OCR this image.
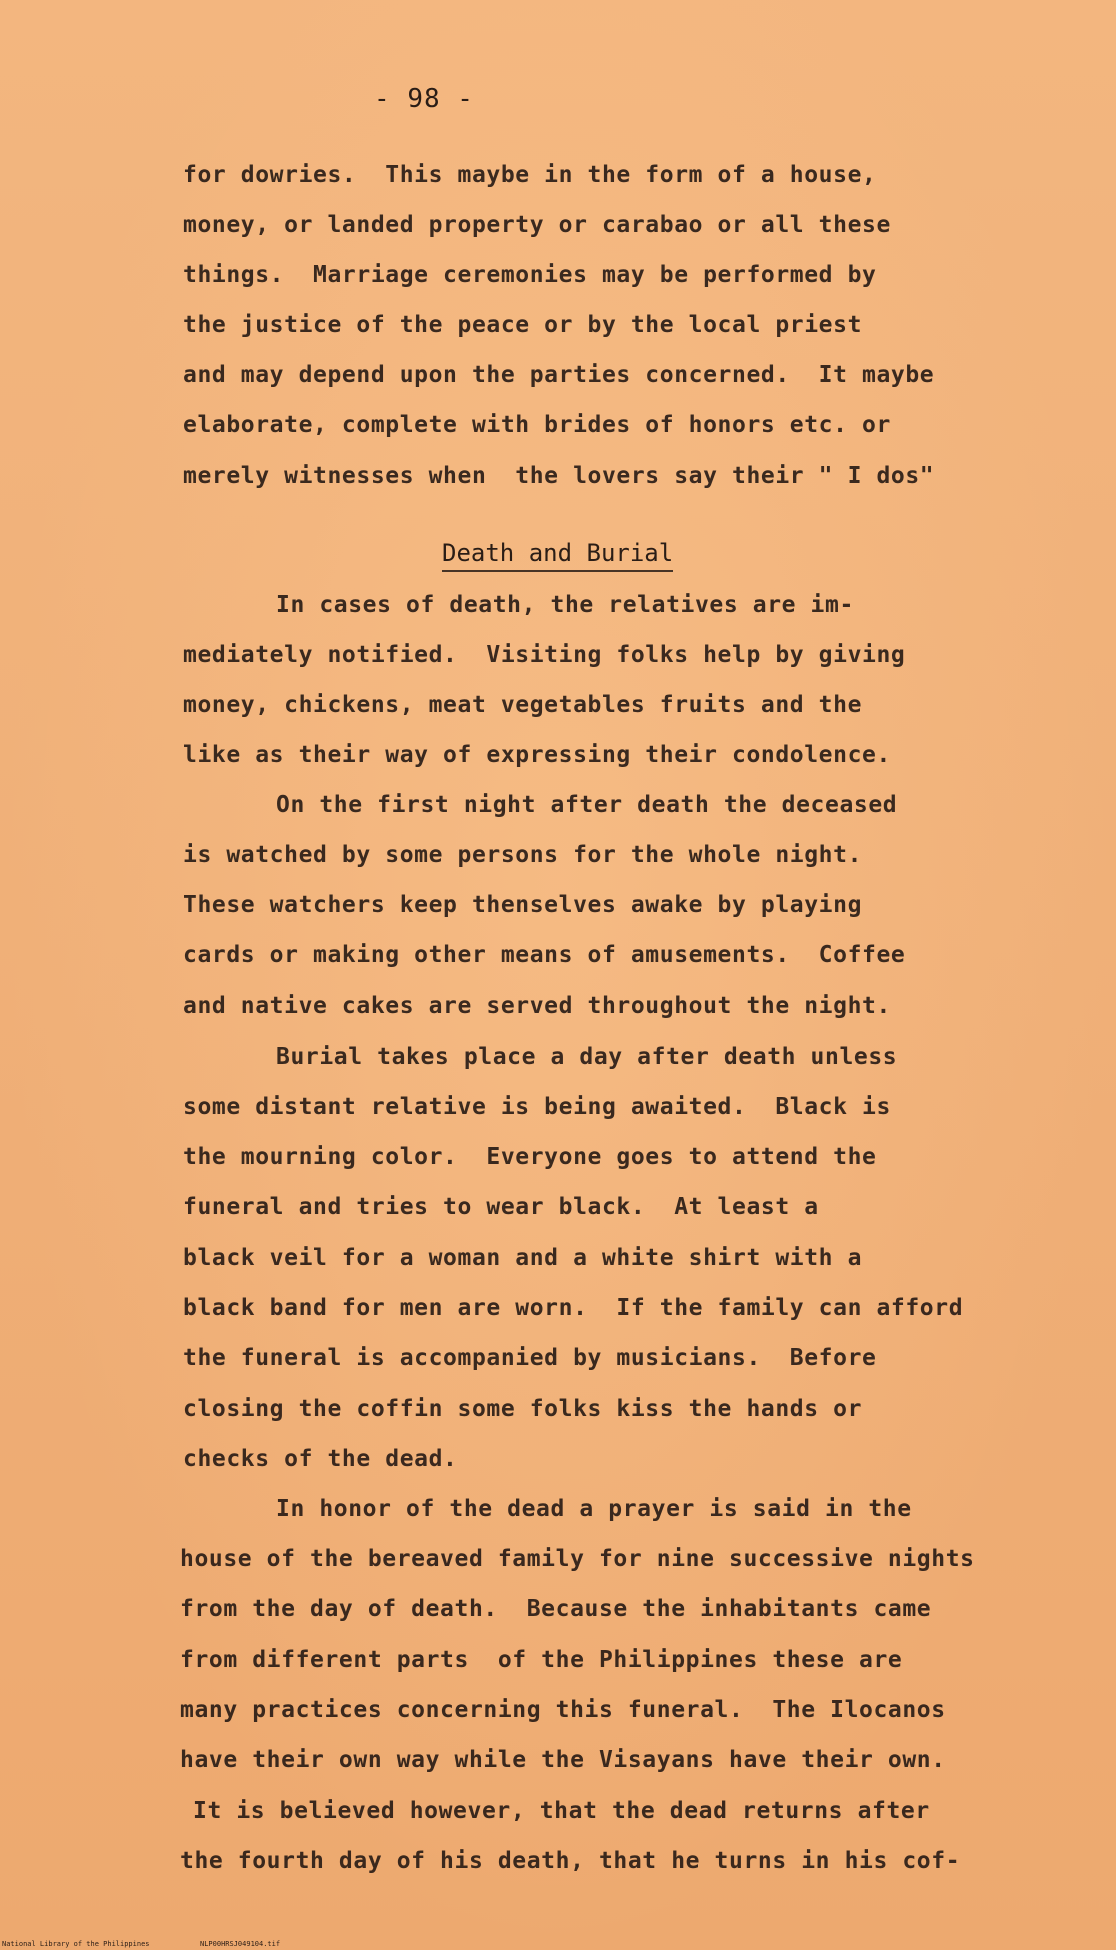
- 98 -
for dowries.  This maybe in the form of a house,
money, or landed property or carabao or all these
things.  Marriage ceremonies may be performed by
the justice of the peace or by the local priest
and may depend upon the parties concerned.  It maybe
elaborate, complete with brides of honors etc. or
merely witnesses when  the lovers say their " I dos"
Death and Burial
In cases of death, the relatives are im-
mediately notified.  Visiting folks help by giving
money, chickens, meat vegetables fruits and the
like as their way of expressing their condolence.
On the first night after death the deceased
is watched by some persons for the whole night.
These watchers keep thenselves awake by playing
cards or making other means of amusements.  Coffee
and native cakes are served throughout the night.
Burial takes place a day after death unless
some distant relative is being awaited.  Black is
the mourning color.  Everyone goes to attend the
funeral and tries to wear black.  At least a
black veil for a woman and a white shirt with a
black band for men are worn.  If the family can afford
the funeral is accompanied by musicians.  Before
closing the coffin some folks kiss the hands or
checks of the dead.
In honor of the dead a prayer is said in the
house of the bereaved family for nine successive nights
from the day of death.  Because the inhabitants came
from different parts  of the Philippines these are
many practices concerning this funeral.  The Ilocanos
have their own way while the Visayans have their own.
It is believed however, that the dead returns after
the fourth day of his death, that he turns in his cof-
National Library of the Philippines	NLP00HRSJ049104.tif
